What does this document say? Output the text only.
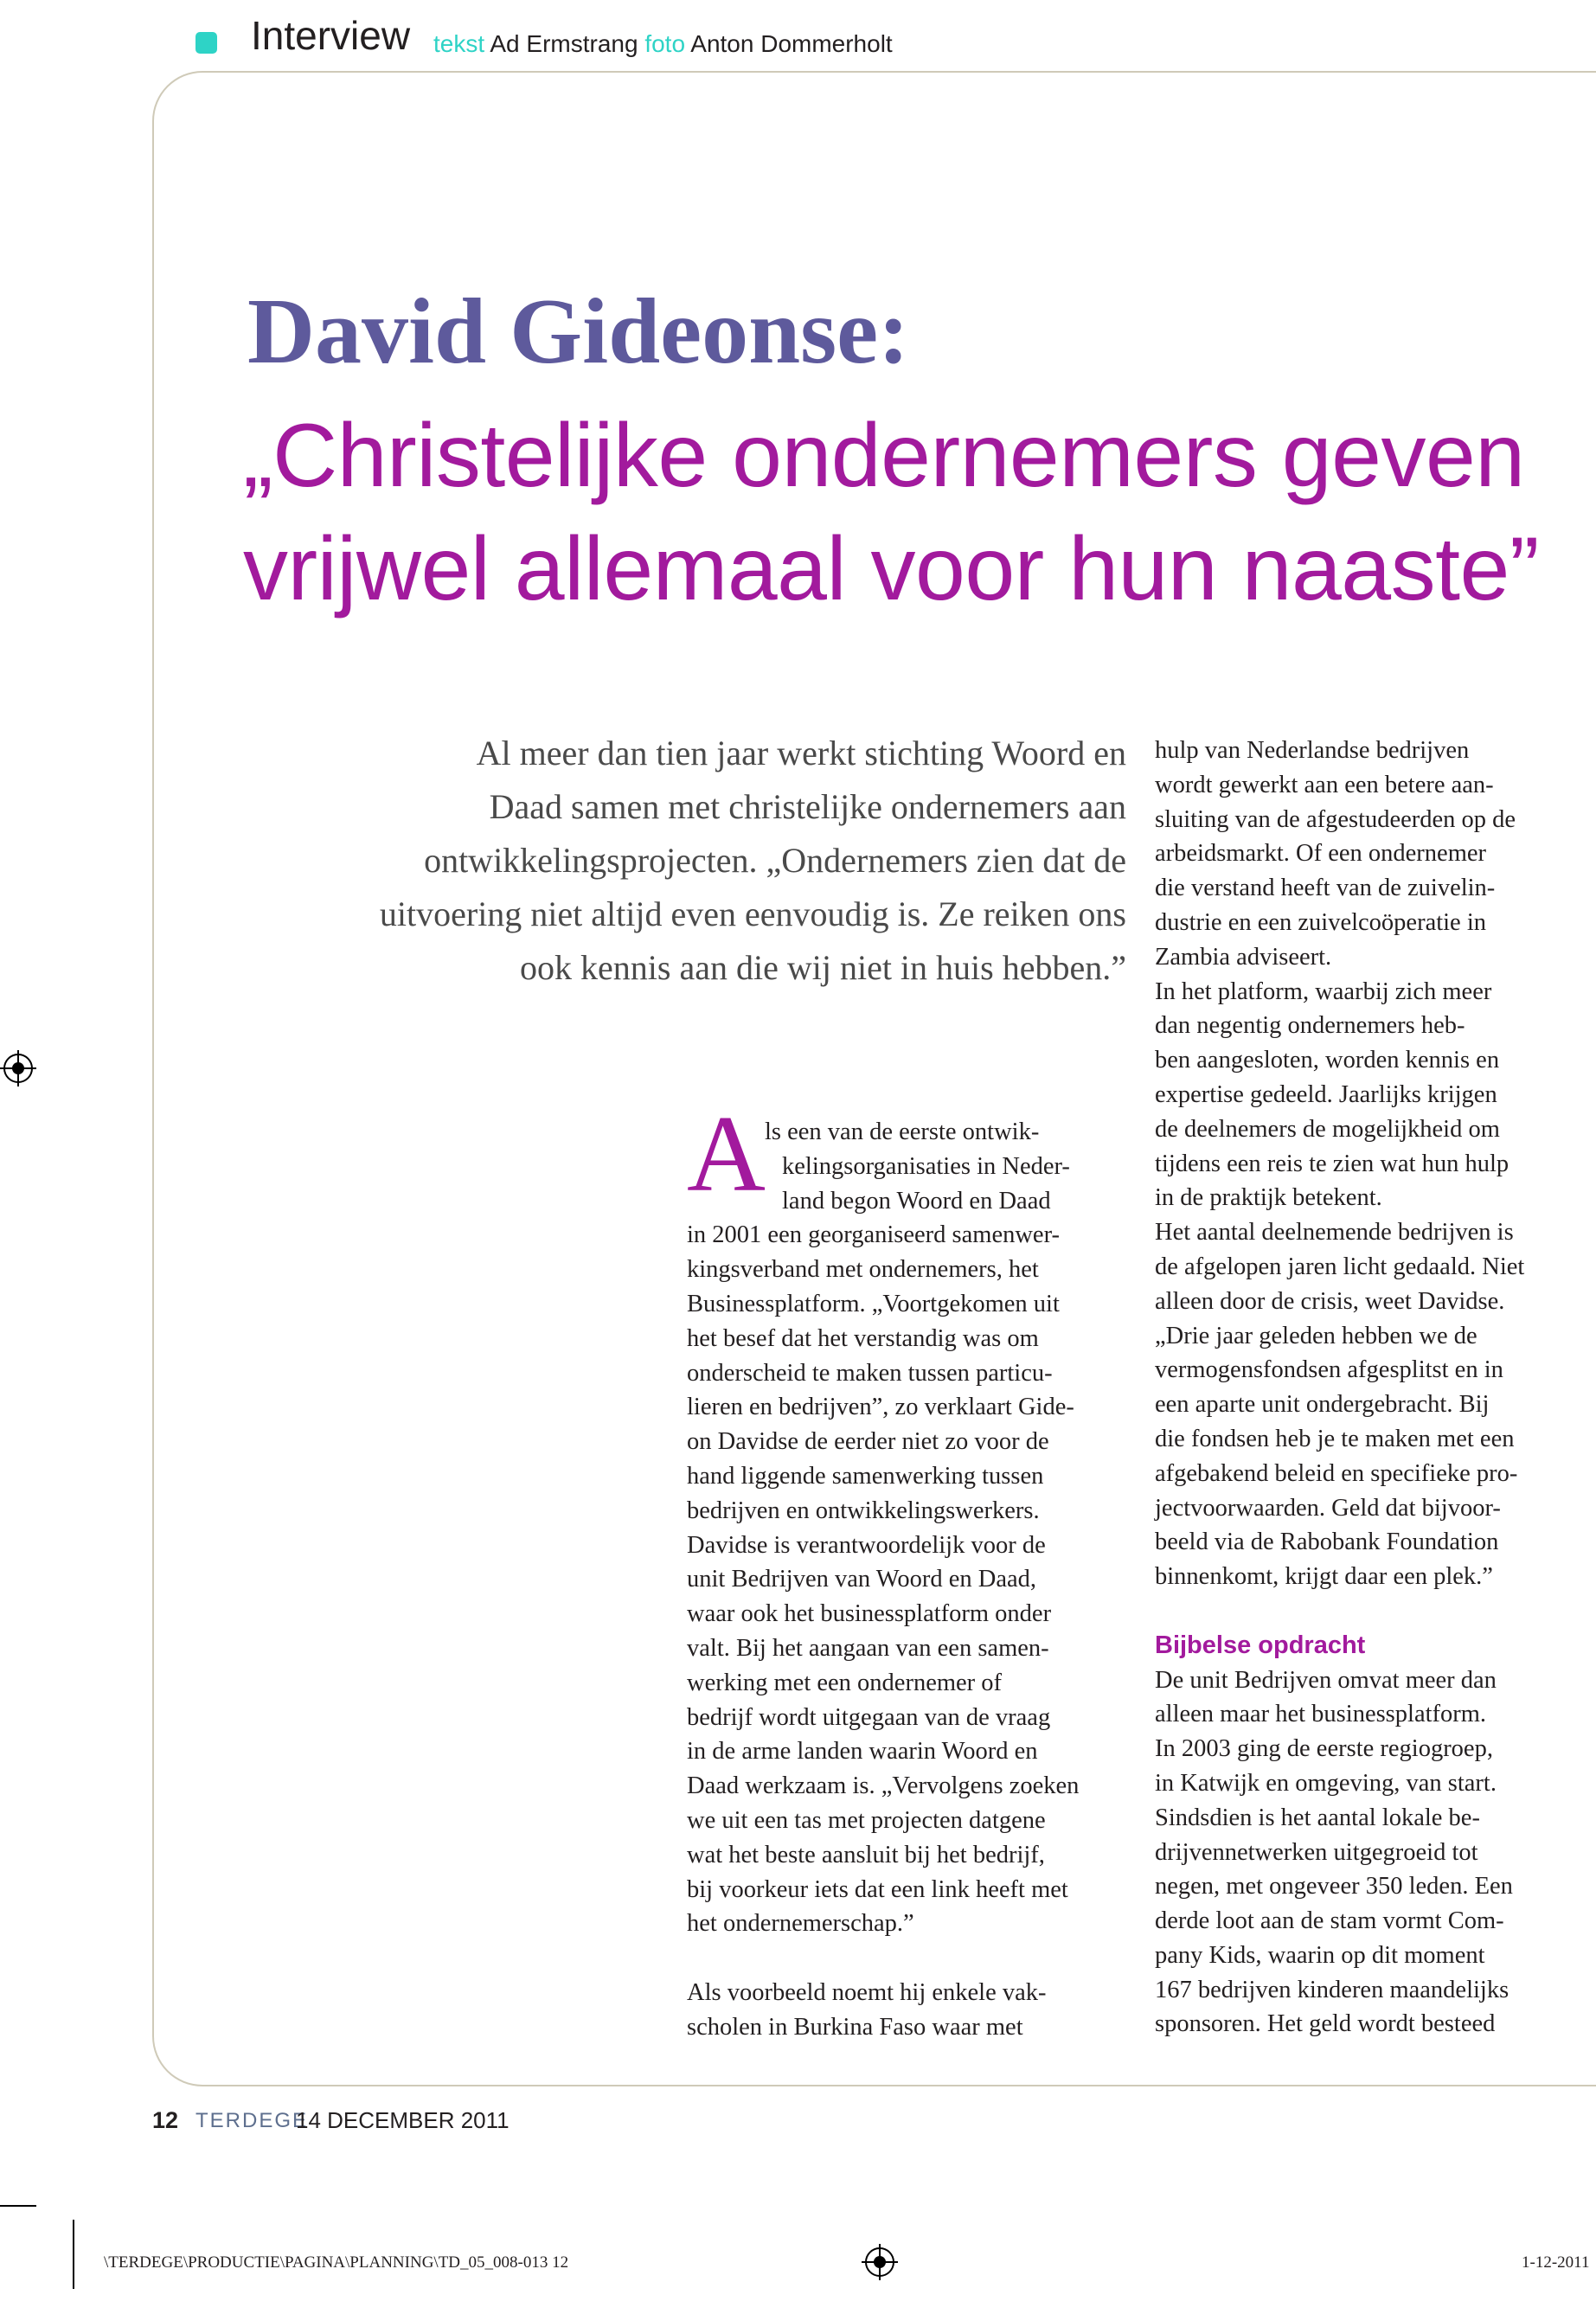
Interview tekst Ad Ermstrang foto Anton Dommerholt
David Gideonse:
„Christelijke ondernemers geven
vrijwel allemaal voor hun naaste”
Al meer dan tien jaar werkt stichting Woord en
Daad samen met christelijke ondernemers aan
ontwikkelingsprojecten. „Ondernemers zien dat de
uitvoering niet altijd even eenvoudig is. Ze reiken ons
ook kennis aan die wij niet in huis hebben.”
A ls een van de eerste ontwik-
kelingsorganisaties in Neder-
land begon Woord en Daad
in 2001 een georganiseerd samenwer-
kingsverband met ondernemers, het
Businessplatform. „Voortgekomen uit
het besef dat het verstandig was om
onderscheid te maken tussen particu-
lieren en bedrijven”, zo verklaart Gide-
on Davidse de eerder niet zo voor de
hand liggende samenwerking tussen
bedrijven en ontwikkelingswerkers.
Davidse is verantwoordelijk voor de
unit Bedrijven van Woord en Daad,
waar ook het businessplatform onder
valt. Bij het aangaan van een samen-
werking met een ondernemer of
bedrijf wordt uitgegaan van de vraag
in de arme landen waarin Woord en
Daad werkzaam is. „Vervolgens zoeken
we uit een tas met projecten datgene
wat het beste aansluit bij het bedrijf,
bij voorkeur iets dat een link heeft met
het ondernemerschap.”
Als voorbeeld noemt hij enkele vak-
scholen in Burkina Faso waar met
hulp van Nederlandse bedrijven
wordt gewerkt aan een betere aan-
sluiting van de afgestudeerden op de
arbeidsmarkt. Of een ondernemer
die verstand heeft van de zuivelin-
dustrie en een zuivelcoöperatie in
Zambia adviseert.
In het platform, waarbij zich meer
dan negentig ondernemers heb-
ben aangesloten, worden kennis en
expertise gedeeld. Jaarlijks krijgen
de deelnemers de mogelijkheid om
tijdens een reis te zien wat hun hulp
in de praktijk betekent.
Het aantal deelnemende bedrijven is
de afgelopen jaren licht gedaald. Niet
alleen door de crisis, weet Davidse.
„Drie jaar geleden hebben we de
vermogensfondsen afgesplitst en in
een aparte unit ondergebracht. Bij
die fondsen heb je te maken met een
afgebakend beleid en specifieke pro-
jectvoorwaarden. Geld dat bijvoor-
beeld via de Rabobank Foundation
binnenkomt, krijgt daar een plek.”
Bijbelse opdracht
De unit Bedrijven omvat meer dan
alleen maar het businessplatform.
In 2003 ging de eerste regiogroep,
in Katwijk en omgeving, van start.
Sindsdien is het aantal lokale be-
drijvennetwerken uitgegroeid tot
negen, met ongeveer 350 leden. Een
derde loot aan de stam vormt Com-
pany Kids, waarin op dit moment
167 bedrijven kinderen maandelijks
sponsoren. Het geld wordt besteed
12 TERDEGE
14 DECEMBER 2011
\TERDEGE\PRODUCTIE\PAGINA\PLANNING\TD_05_008-013 12	1-12-2011
